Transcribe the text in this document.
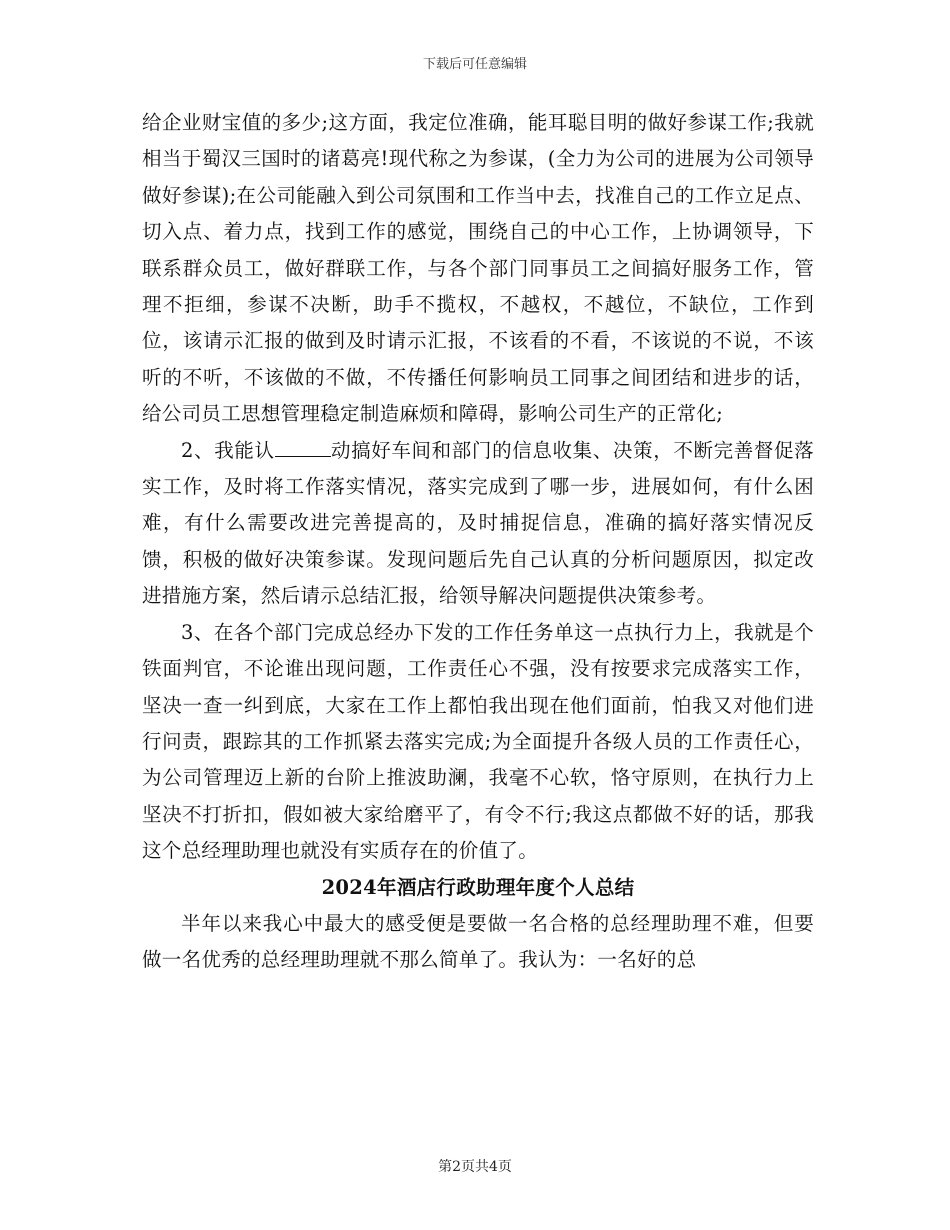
下载后可任意编辑

给企业财宝值的多少;这方面，我定位准确，能耳聪目明的做好参谋工作;我就相当于蜀汉三国时的诸葛亮!现代称之为参谋，(全力为公司的进展为公司领导做好参谋);在公司能融入到公司氛围和工作当中去，找准自己的工作立足点、切入点、着力点，找到工作的感觉，围绕自己的中心工作，上协调领导，下联系群众员工，做好群联工作，与各个部门同事员工之间搞好服务工作，管理不拒细，参谋不决断，助手不揽权，不越权，不越位，不缺位，工作到位，该请示汇报的做到及时请示汇报，不该看的不看，不该说的不说，不该听的不听，不该做的不做，不传播任何影响员工同事之间团结和进步的话，给公司员工思想管理稳定制造麻烦和障碍，影响公司生产的正常化;

2、我能认	动搞好车间和部门的信息收集、决策，不断完善督促落实工作，及时将工作落实情况，落实完成到了哪一步，进展如何，有什么困难，有什么需要改进完善提高的，及时捕捉信息，准确的搞好落实情况反馈，积极的做好决策参谋。发现问题后先自己认真的分析问题原因，拟定改进措施方案，然后请示总结汇报，给领导解决问题提供决策参考。

3、在各个部门完成总经办下发的工作任务单这一点执行力上，我就是个铁面判官，不论谁出现问题，工作责任心不强，没有按要求完成落实工作，坚决一查一纠到底，大家在工作上都怕我出现在他们面前，怕我又对他们进行问责，跟踪其的工作抓紧去落实完成;为全面提升各级人员的工作责任心，为公司管理迈上新的台阶上推波助澜，我毫不心软，恪守原则，在执行力上坚决不打折扣，假如被大家给磨平了，有令不行;我这点都做不好的话，那我这个总经理助理也就没有实质存在的价值了。

2024年酒店行政助理年度个人总结

半年以来我心中最大的感受便是要做一名合格的总经理助理不难，但要做一名优秀的总经理助理就不那么简单了。我认为：一名好的总

第2页共4页
